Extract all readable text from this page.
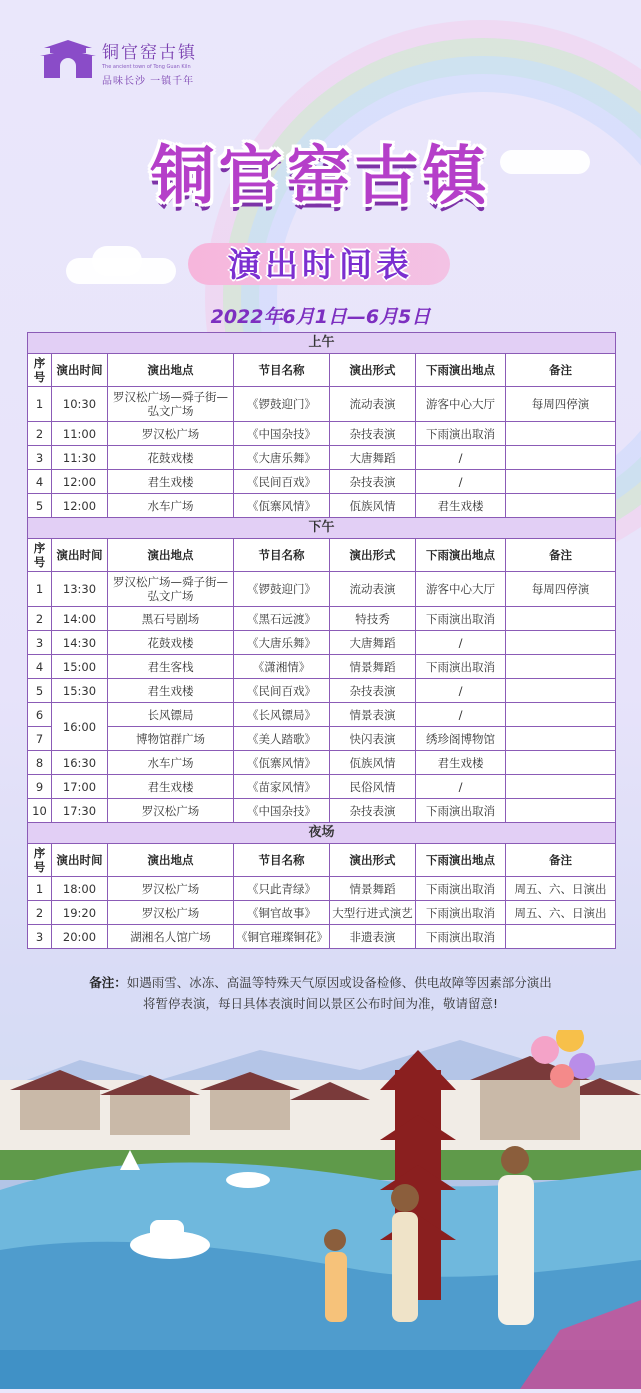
铜官窑古镇
The ancient town of Tong Guan Kiln
品味长沙 一镇千年
铜官窑古镇
演出时间表
2022年6月1日—6月5日
上午						
序号	演出时间	演出地点	节目名称	演出形式	下雨演出地点	备注
1	10:30	罗汉松广场—舜子街—弘文广场	《锣鼓迎门》	流动表演	游客中心大厅	每周四停演
2	11:00	罗汉松广场	《中国杂技》	杂技表演	下雨演出取消	
3	11:30	花鼓戏楼	《大唐乐舞》	大唐舞蹈	/	
4	12:00	君生戏楼	《民间百戏》	杂技表演	/	
5	12:00	水车广场	《佤寨风情》	佤族风情	君生戏楼	
下午						
序号	演出时间	演出地点	节目名称	演出形式	下雨演出地点	备注
1	13:30	罗汉松广场—舜子街—弘文广场	《锣鼓迎门》	流动表演	游客中心大厅	每周四停演
2	14:00	黑石号剧场	《黑石远渡》	特技秀	下雨演出取消	
3	14:30	花鼓戏楼	《大唐乐舞》	大唐舞蹈	/	
4	15:00	君生客栈	《潇湘情》	情景舞蹈	下雨演出取消	
5	15:30	君生戏楼	《民间百戏》	杂技表演	/	
6	16:00	长风镖局	《长风镖局》	情景表演	/	
7		博物馆群广场	《美人踏歌》	快闪表演	绣珍阁博物馆	
8	16:30	水车广场	《佤寨风情》	佤族风情	君生戏楼	
9	17:00	君生戏楼	《苗家风情》	民俗风情	/	
10	17:30	罗汉松广场	《中国杂技》	杂技表演	下雨演出取消	
夜场						
序号	演出时间	演出地点	节目名称	演出形式	下雨演出地点	备注
1	18:00	罗汉松广场	《只此青绿》	情景舞蹈	下雨演出取消	周五、六、日演出
2	19:20	罗汉松广场	《铜官故事》	大型行进式演艺	下雨演出取消	周五、六、日演出
3	20:00	湖湘名人馆广场	《铜官璀璨铜花》	非遗表演	下雨演出取消	
备注：如遇雨雪、冰冻、高温等特殊天气原因或设备检修、供电故障等因素部分演出
将暂停表演，每日具体表演时间以景区公布时间为准，敬请留意!
